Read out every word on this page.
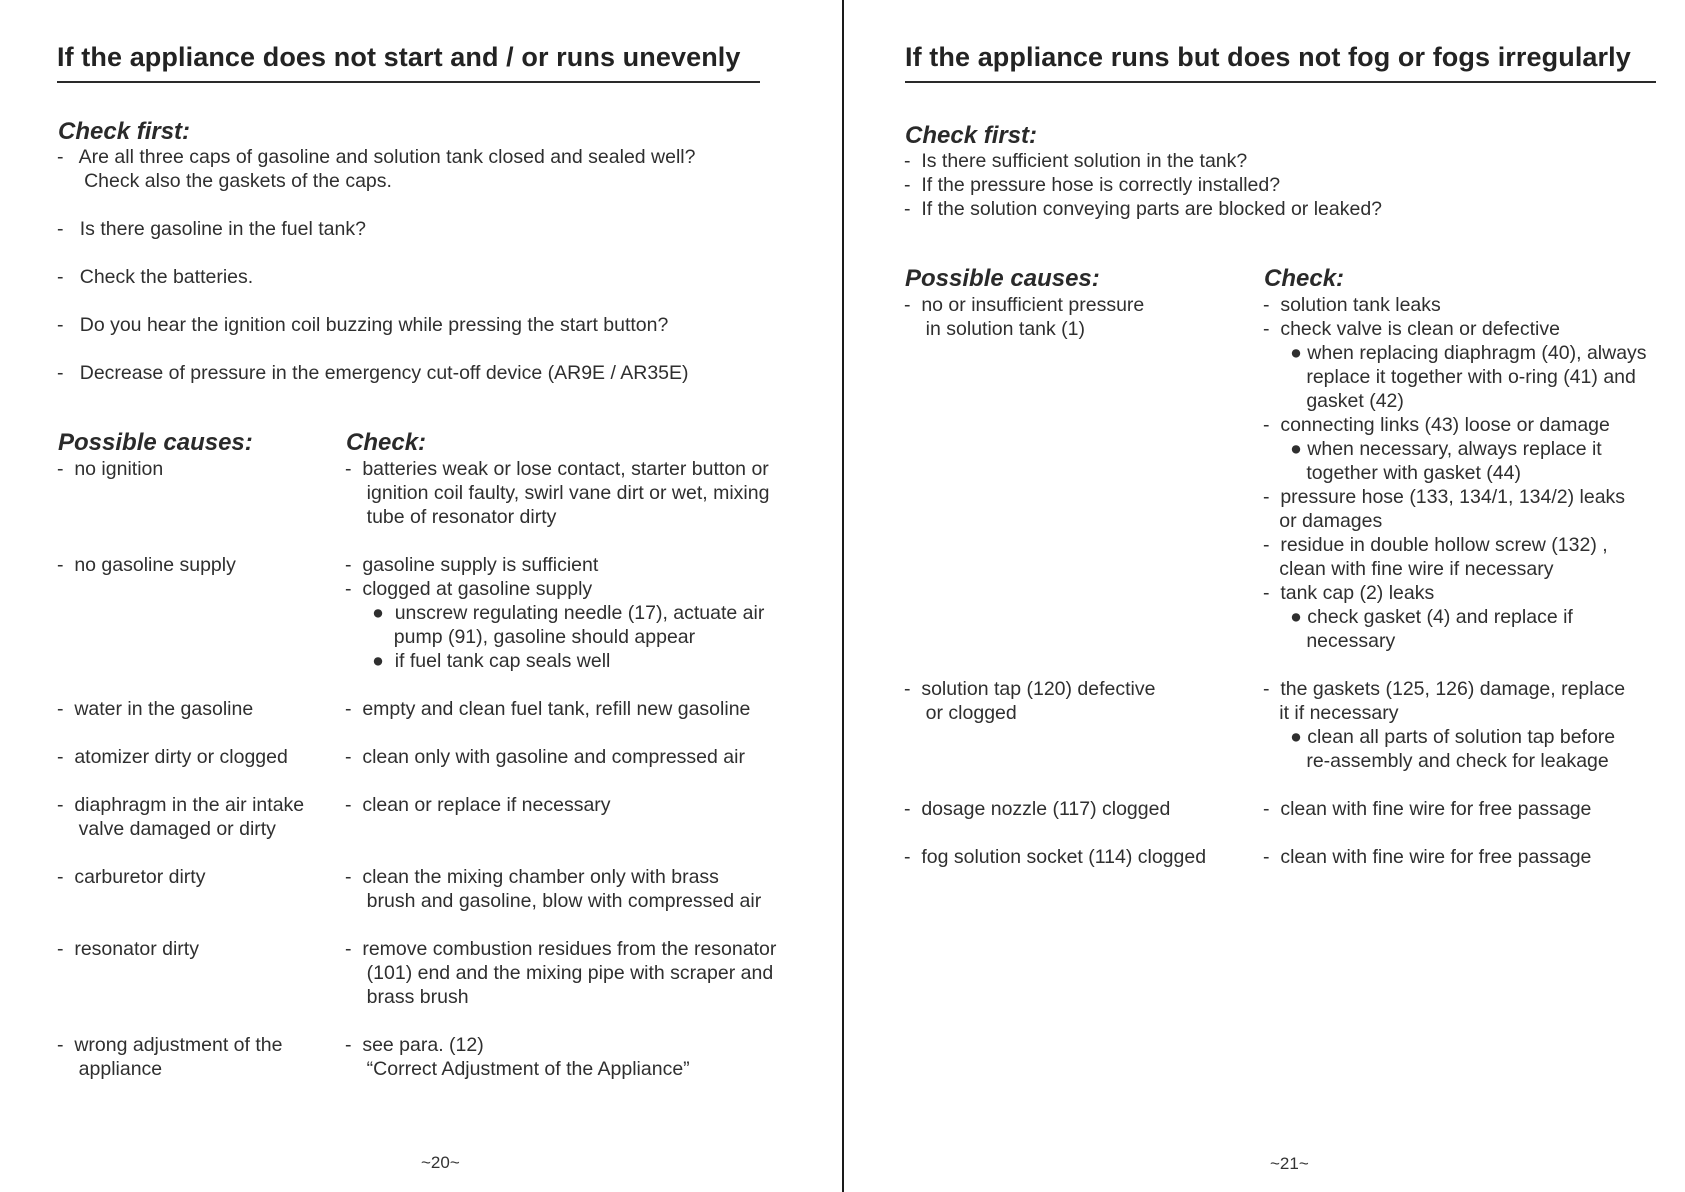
If the appliance does not start and / or runs unevenly
Check first:
-   Are all three caps of gasoline and solution tank closed and sealed well?
Check also the gaskets of the caps.
-   Is there gasoline in the fuel tank?
-   Check the batteries.
-   Do you hear the ignition coil buzzing while pressing the start button?
-   Decrease of pressure in the emergency cut-off device (AR9E / AR35E)
Possible causes:	Check:
-  no ignition
-  no gasoline supply
-  water in the gasoline
-  atomizer dirty or clogged
-  diaphragm in the air intake
valve damaged or dirty
-  carburetor dirty
-  resonator dirty
-  wrong adjustment of the
appliance
-  batteries weak or lose contact, starter button or
ignition coil faulty, swirl vane dirt or wet, mixing
tube of resonator dirty
-  gasoline supply is sufficient
-  clogged at gasoline supply
●  unscrew regulating needle (17), actuate air
pump (91), gasoline should appear
●  if fuel tank cap seals well
-  empty and clean fuel tank, refill new gasoline
-  clean only with gasoline and compressed air
-  clean or replace if necessary
-  clean the mixing chamber only with brass
brush and gasoline, blow with compressed air
-  remove combustion residues from the resonator
(101) end and the mixing pipe with scraper and
brass brush
-  see para. (12)
“Correct Adjustment of the Appliance”
~20~
If the appliance runs but does not fog or fogs irregularly
Check first:
-  Is there sufficient solution in the tank?
-  If the pressure hose is correctly installed?
-  If the solution conveying parts are blocked or leaked?
Possible causes:	Check:
-  no or insufficient pressure
in solution tank (1)
-  solution tap (120) defective
or clogged
-  dosage nozzle (117) clogged
-  fog solution socket (114) clogged
-  solution tank leaks
-  check valve is clean or defective
● when replacing diaphragm (40), always
replace it together with o-ring (41) and
gasket (42)
-  connecting links (43) loose or damage
● when necessary, always replace it
together with gasket (44)
-  pressure hose (133, 134/1, 134/2) leaks
or damages
-  residue in double hollow screw (132) ,
clean with fine wire if necessary
-  tank cap (2) leaks
● check gasket (4) and replace if
necessary
-  the gaskets (125, 126) damage, replace
it if necessary
● clean all parts of solution tap before
re-assembly and check for leakage
-  clean with fine wire for free passage
-  clean with fine wire for free passage
~21~
